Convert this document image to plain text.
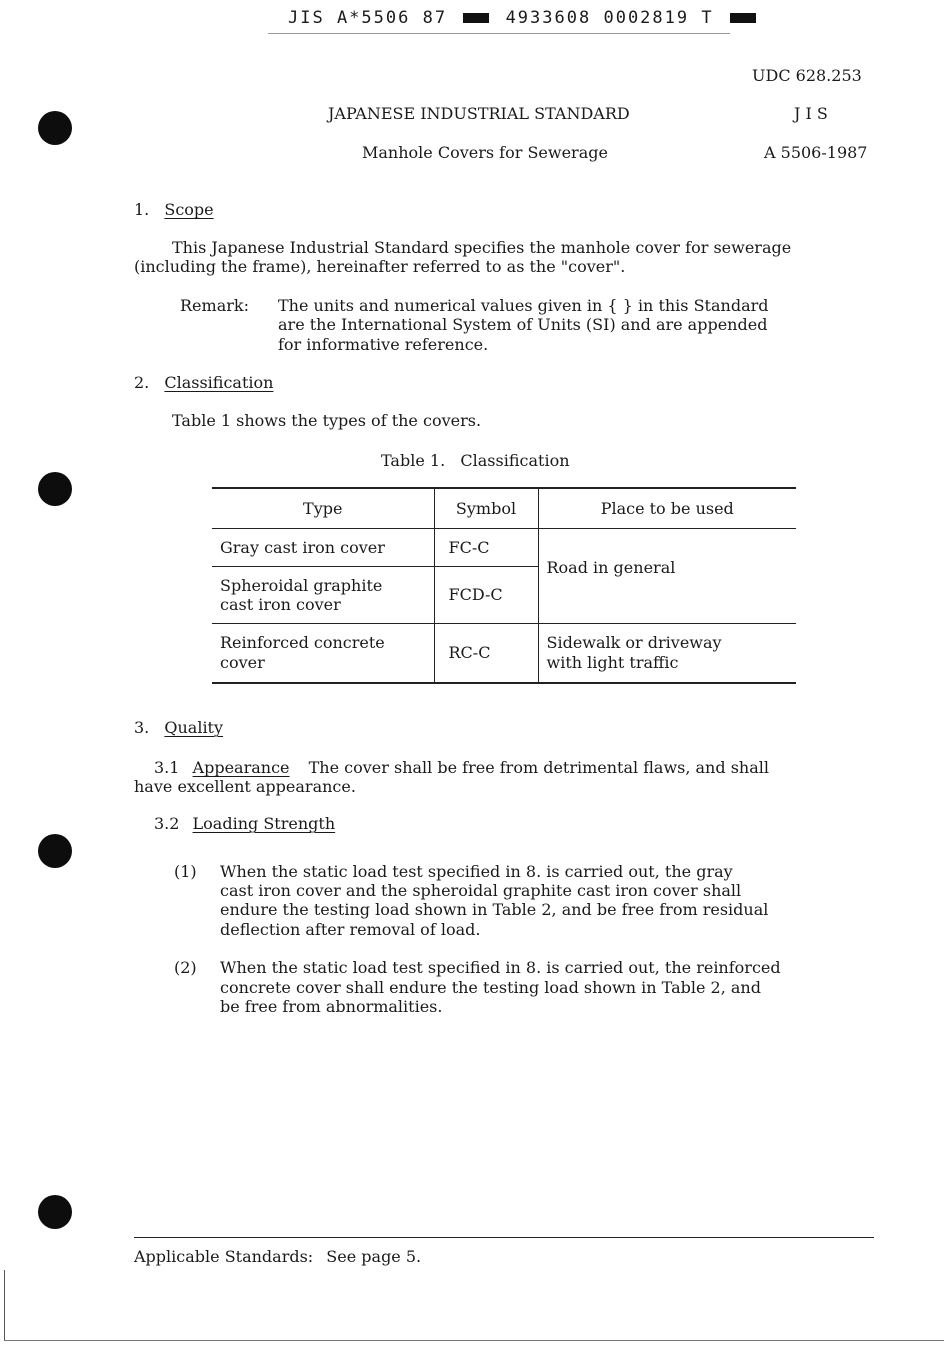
JIS A*5506 87	4933608 0002819 T
UDC 628.253
JAPANESE INDUSTRIAL STANDARD	J I S
Manhole Covers for Sewerage	A 5506-1987
1. Scope
This Japanese Industrial Standard specifies the manhole cover for sewerage
(including the frame), hereinafter referred to as the "cover".
Remark: The units and numerical values given in { } in this Standard
are the International System of Units (SI) and are appended
for informative reference.
2. Classification
Table 1 shows the types of the covers.
Table 1.   Classification
Type	Symbol	Place to be used
Gray cast iron cover	FC-C	Road in general
Spheroidal graphite
cast iron cover	FCD-C	
Reinforced concrete
cover	RC-C	Sidewalk or driveway
with light traffic
3. Quality
3.1 Appearance The cover shall be free from detrimental flaws, and shall
have excellent appearance.
3.2 Loading Strength
(1) When the static load test specified in 8. is carried out, the gray
cast iron cover and the spheroidal graphite cast iron cover shall
endure the testing load shown in Table 2, and be free from residual
deflection after removal of load.
(2) When the static load test specified in 8. is carried out, the reinforced
concrete cover shall endure the testing load shown in Table 2, and
be free from abnormalities.
Applicable Standards: See page 5.
